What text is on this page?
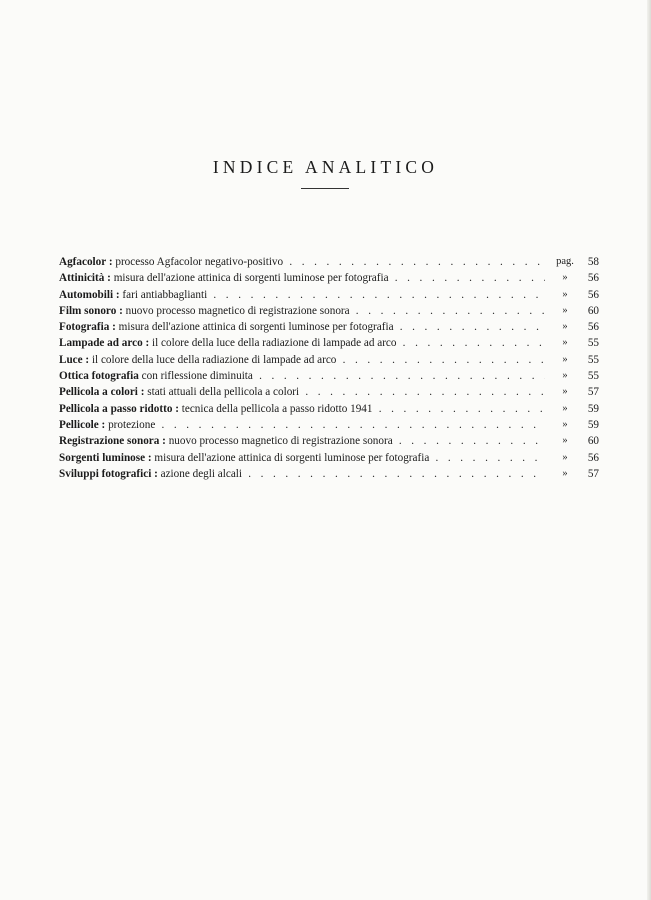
INDICE ANALITICO
Agfacolor : processo Agfacolor negativo-positivo . . .	pag.	58
Attinicità : misura dell'azione attinica di sorgenti luminose per fotografia . . .	»	56
Automobili : fari antiabbaglianti . . .	»	56
Film sonoro : nuovo processo magnetico di registrazione sonora . . .	»	60
Fotografia : misura dell'azione attinica di sorgenti luminose per fotografia . . .	»	56
Lampade ad arco : il colore della luce della radiazione di lampade ad arco . . .	»	55
Luce : il colore della luce della radiazione di lampade ad arco . . .	»	55
Ottica fotografia con riflessione diminuita . . .	»	55
Pellicola a colori : stati attuali della pellicola a colori . . .	»	57
Pellicola a passo ridotto : tecnica della pellicola a passo ridotto 1941 . . .	»	59
Pellicole : protezione . . .	»	59
Registrazione sonora : nuovo processo magnetico di registrazione sonora . . .	»	60
Sorgenti luminose : misura dell'azione attinica di sorgenti luminose per fotografia . . .	»	56
Sviluppi fotografici : azione degli alcali . . .	»	57
